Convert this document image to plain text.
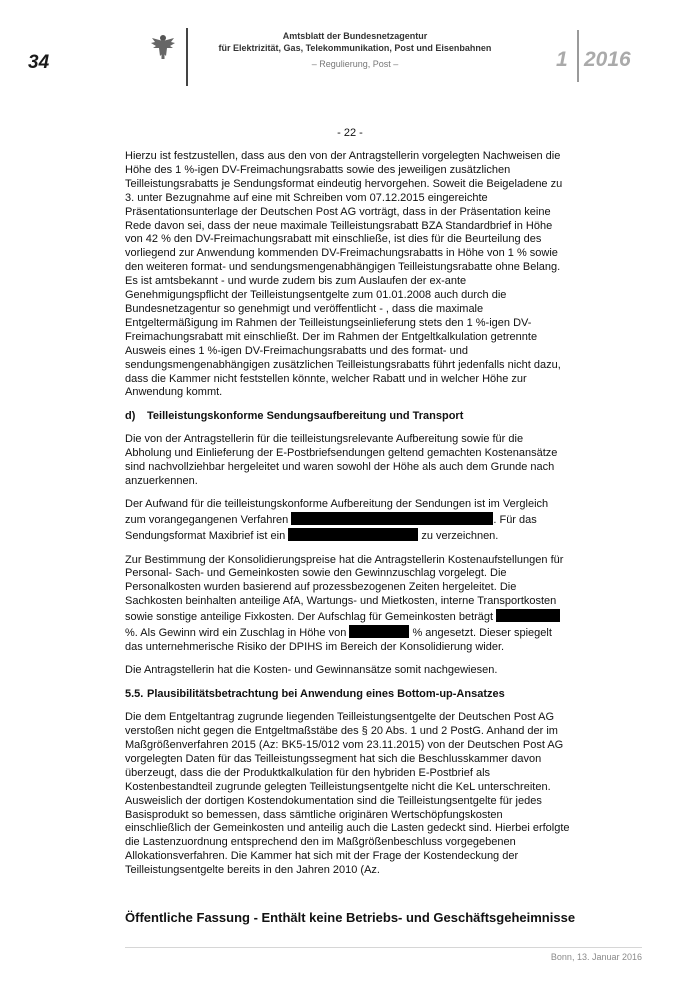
34
Amtsblatt der Bundesnetzagentur
für Elektrizität, Gas, Telekommunikation, Post und Eisenbahnen
– Regulierung, Post –	1 2016
- 22 -

Hierzu ist festzustellen, dass aus den von der Antragstellerin vorgelegten Nachweisen die Höhe des 1 %-igen DV-Freimachungsrabatts sowie des jeweiligen zusätzlichen Teilleistungsrabatts je Sendungsformat eindeutig hervorgehen. Soweit die Beigeladene zu 3. unter Bezugnahme auf eine mit Schreiben vom 07.12.2015 eingereichte Präsentationsunterlage der Deutschen Post AG vorträgt, dass in der Präsentation keine Rede davon sei, dass der neue maximale Teilleistungsrabatt BZA Standardbrief in Höhe von 42 % den DV-Freimachungsrabatt mit einschließe, ist dies für die Beurteilung des vorliegend zur Anwendung kommenden DV-Freimachungsrabatts in Höhe von 1 % sowie den weiteren format- und sendungsmengenabhängigen Teilleistungsrabatte ohne Belang. Es ist amtsbekannt - und wurde zudem bis zum Auslaufen der ex-ante Genehmigungspflicht der Teilleistungsentgelte zum 01.01.2008 auch durch die Bundesnetzagentur so genehmigt und veröffentlicht - , dass die maximale Entgeltermäßigung im Rahmen der Teilleistungseinlieferung stets den 1 %-igen DV-Freimachungsrabatt mit einschließt. Der im Rahmen der Entgeltkalkulation getrennte Ausweis eines 1 %-igen DV-Freimachungsrabatts und des format- und sendungsmengenabhängigen zusätzlichen Teilleistungsrabatts führt jedenfalls nicht dazu, dass die Kammer nicht feststellen könnte, welcher Rabatt und in welcher Höhe zur Anwendung kommt.

d) Teilleistungskonforme Sendungsaufbereitung und Transport

Die von der Antragstellerin für die teilleistungsrelevante Aufbereitung sowie für die Abholung und Einlieferung der E-Postbriefsendungen geltend gemachten Kostenansätze sind nachvollziehbar hergeleitet und waren sowohl der Höhe als auch dem Grunde nach anzuerkennen.

Der Aufwand für die teilleistungskonforme Aufbereitung der Sendungen ist im Vergleich zum vorangegangenen Verfahren	. Für das Sendungsformat Maxibrief ist ein	zu verzeichnen.

Zur Bestimmung der Konsolidierungspreise hat die Antragstellerin Kostenaufstellungen für Personal- Sach- und Gemeinkosten sowie den Gewinnzuschlag vorgelegt. Die Personalkosten wurden basierend auf prozessbezogenen Zeiten hergeleitet. Die Sachkosten beinhalten anteilige AfA, Wartungs- und Mietkosten, interne Transportkosten sowie sonstige anteilige Fixkosten. Der Aufschlag für Gemeinkosten beträgt  %. Als Gewinn wird ein Zuschlag in Höhe von	% angesetzt. Dieser spiegelt das unternehmerische Risiko der DPIHS im Bereich der Konsolidierung wider.

Die Antragstellerin hat die Kosten- und Gewinnansätze somit nachgewiesen.

5.5. Plausibilitätsbetrachtung bei Anwendung eines Bottom-up-Ansatzes

Die dem Entgeltantrag zugrunde liegenden Teilleistungsentgelte der Deutschen Post AG verstoßen nicht gegen die Entgeltmaßstäbe des § 20 Abs. 1 und 2 PostG. Anhand der im Maßgrößenverfahren 2015 (Az: BK5-15/012 vom 23.11.2015) von der Deutschen Post AG vorgelegten Daten für das Teilleistungssegment hat sich die Beschlusskammer davon überzeugt, dass die der Produktkalkulation für den hybriden E-Postbrief als Kostenbestandteil zugrunde gelegten Teilleistungsentgelte nicht die KeL unterschreiten. Ausweislich der dortigen Kostendokumentation sind die Teilleistungsentgelte für jedes Basisprodukt so bemessen, dass sämtliche originären Wertschöpfungskosten einschließlich der Gemeinkosten und anteilig auch die Lasten gedeckt sind. Hierbei erfolgte die Lastenzuordnung entsprechend den im Maßgrößenbeschluss vorgegebenen Allokationsverfahren. Die Kammer hat sich mit der Frage der Kostendeckung der Teilleistungsentgelte bereits in den Jahren 2010 (Az.

Öffentliche Fassung - Enthält keine Betriebs- und Geschäftsgeheimnisse
Bonn, 13. Januar 2016
